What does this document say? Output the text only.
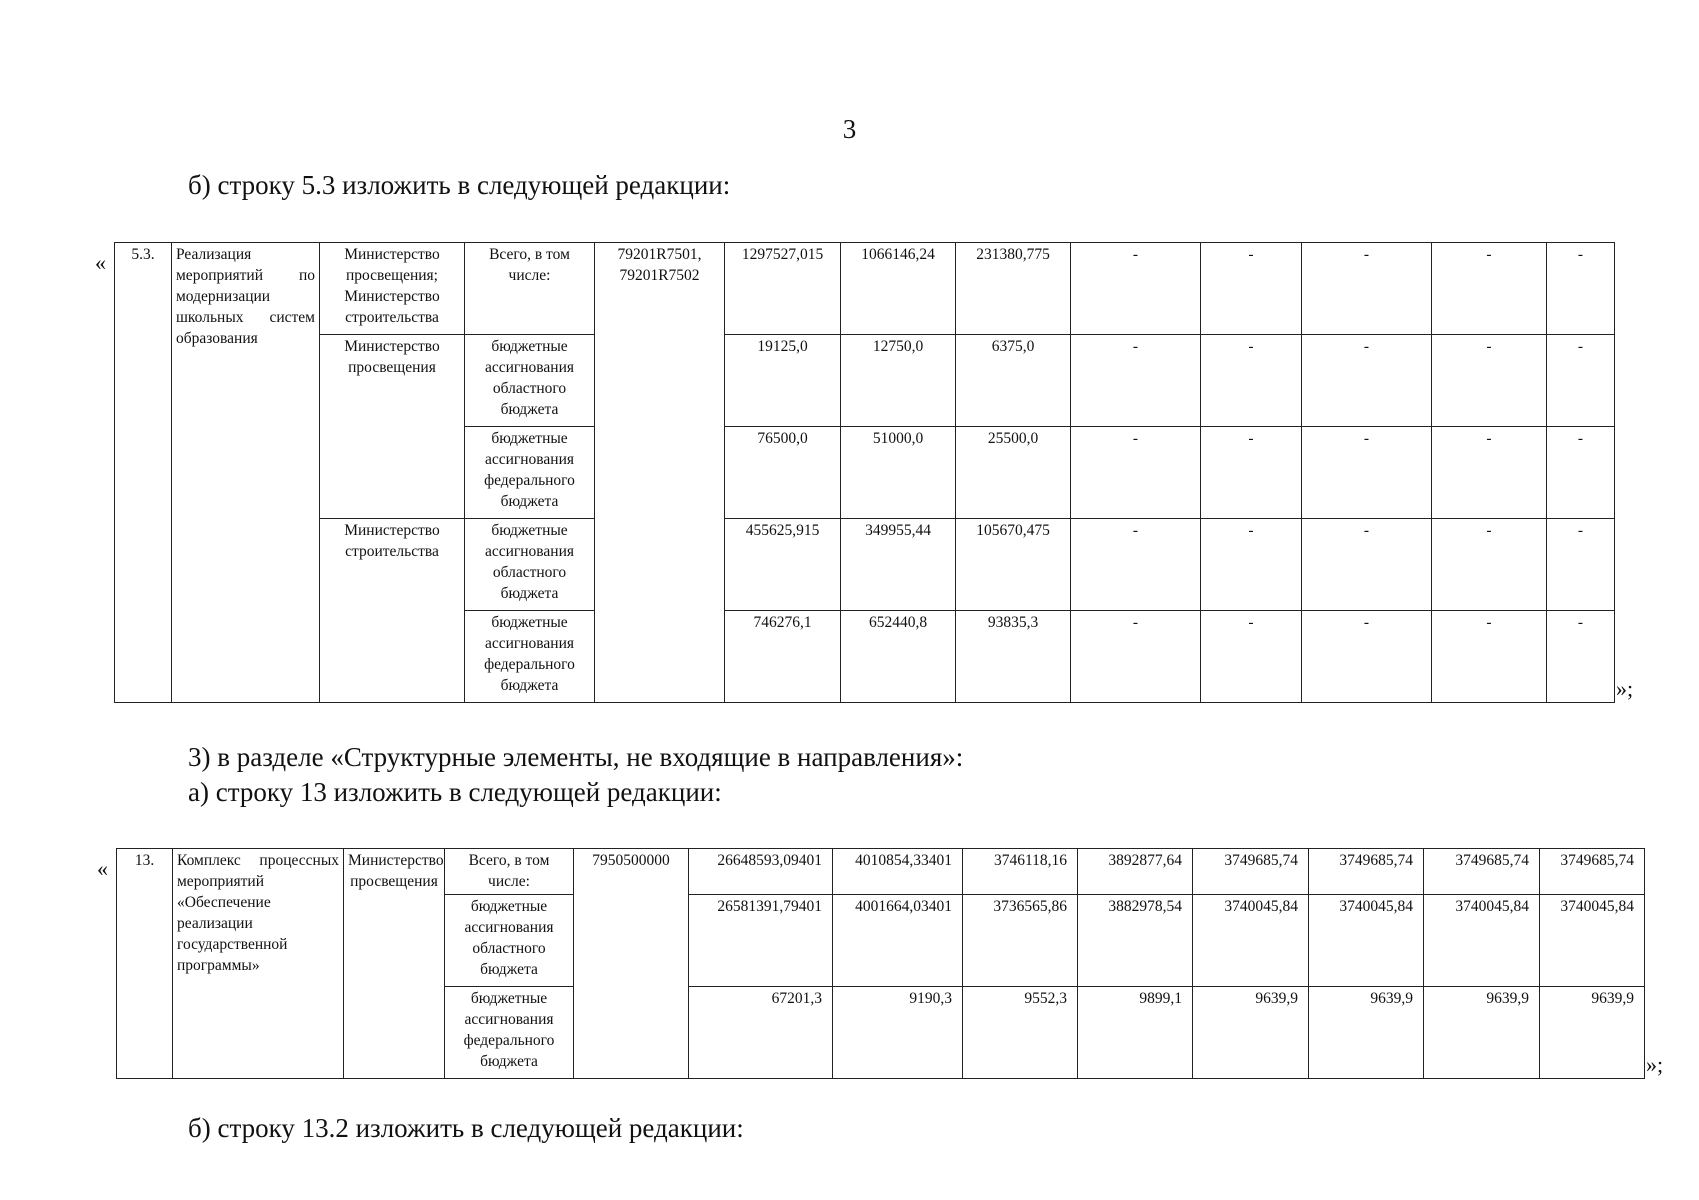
3
б) строку 5.3 изложить в следующей редакции:
« 5.3.	Реализация мероприятий по модернизации школьных систем образования	Министерство просвещения; Министерство строительства	Всего, в том числе:	79201R7501, 79201R7502	1297527,015	1066146,24	231380,775	-	-	-	-	-
		Министерство просвещения	бюджетные ассигнования областного бюджета		19125,0	12750,0	6375,0	-	-	-	-	-
			бюджетные ассигнования федерального бюджета		76500,0	51000,0	25500,0	-	-	-	-	-
		Министерство строительства	бюджетные ассигнования областного бюджета		455625,915	349955,44	105670,475	-	-	-	-	-
			бюджетные ассигнования федерального бюджета		746276,1	652440,8	93835,3	-	-	-	-	-
»;
3) в разделе «Структурные элементы, не входящие в направления»:
а) строку 13 изложить в следующей редакции:
« 13.	Комплекс процессных мероприятий «Обеспечение реализации государственной программы»	Министерство просвещения	Всего, в том числе:	7950500000	26648593,09401	4010854,33401	3746118,16	3892877,64	3749685,74	3749685,74	3749685,74	3749685,74
			бюджетные ассигнования областного бюджета		26581391,79401	4001664,03401	3736565,86	3882978,54	3740045,84	3740045,84	3740045,84	3740045,84
			бюджетные ассигнования федерального бюджета		67201,3	9190,3	9552,3	9899,1	9639,9	9639,9	9639,9	9639,9
»;
б) строку 13.2 изложить в следующей редакции:
